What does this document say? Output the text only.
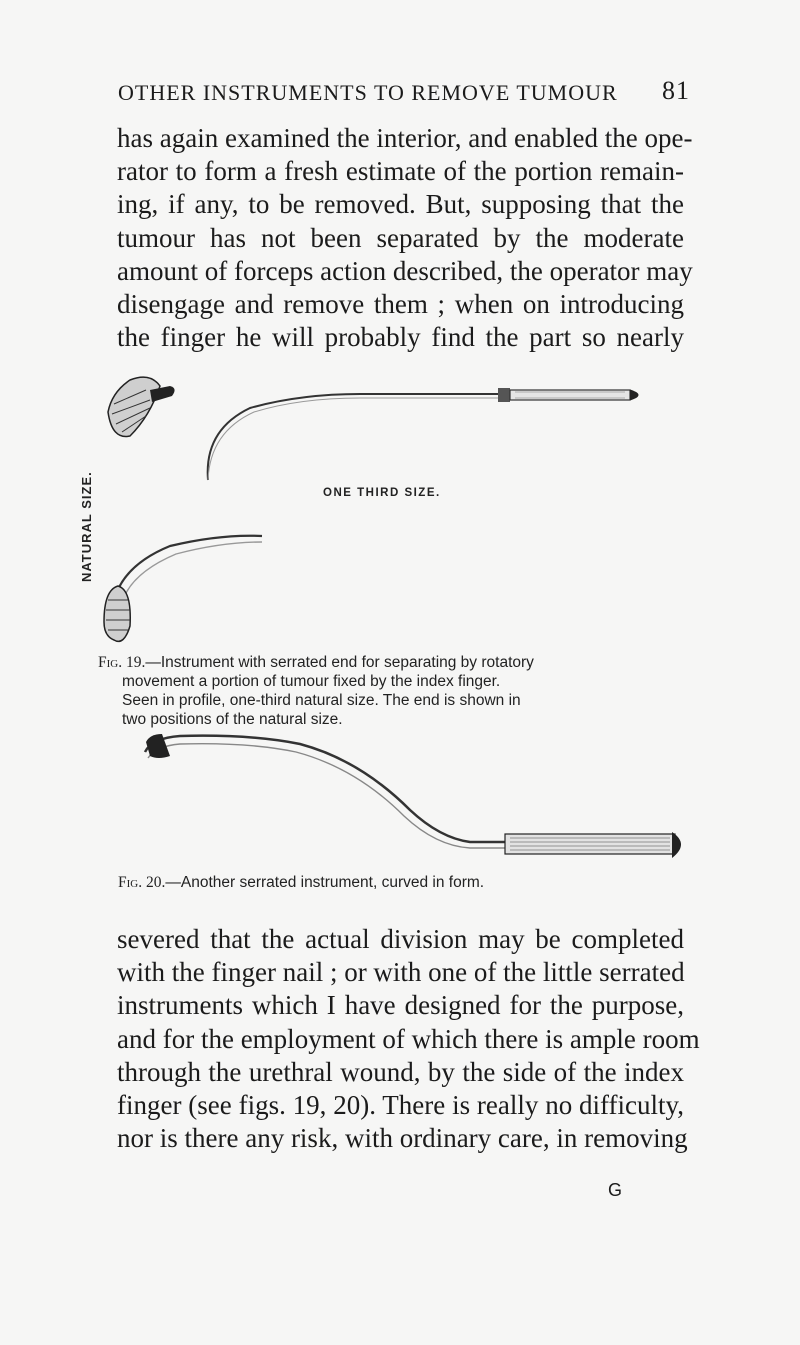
OTHER INSTRUMENTS TO REMOVE TUMOUR 81
has again examined the interior, and enabled the ope-
rator to form a fresh estimate of the portion remain-
ing, if any, to be removed. But, supposing that the
tumour has not been separated by the moderate
amount of forceps action described, the operator may
disengage and remove them ; when on introducing
the finger he will probably find the part so nearly
NATURAL SIZE.	ONE THIRD SIZE.
Fig. 19.—Instrument with serrated end for separating by rotatory
movement a portion of tumour fixed by the index finger.
Seen in profile, one-third natural size. The end is shown in
two positions of the natural size.
Fig. 20.—Another serrated instrument, curved in form.
severed that the actual division may be completed
with the finger nail ; or with one of the little serrated
instruments which I have designed for the purpose,
and for the employment of which there is ample room
through the urethral wound, by the side of the index
finger (see figs. 19, 20). There is really no difficulty,
nor is there any risk, with ordinary care, in removing
G
